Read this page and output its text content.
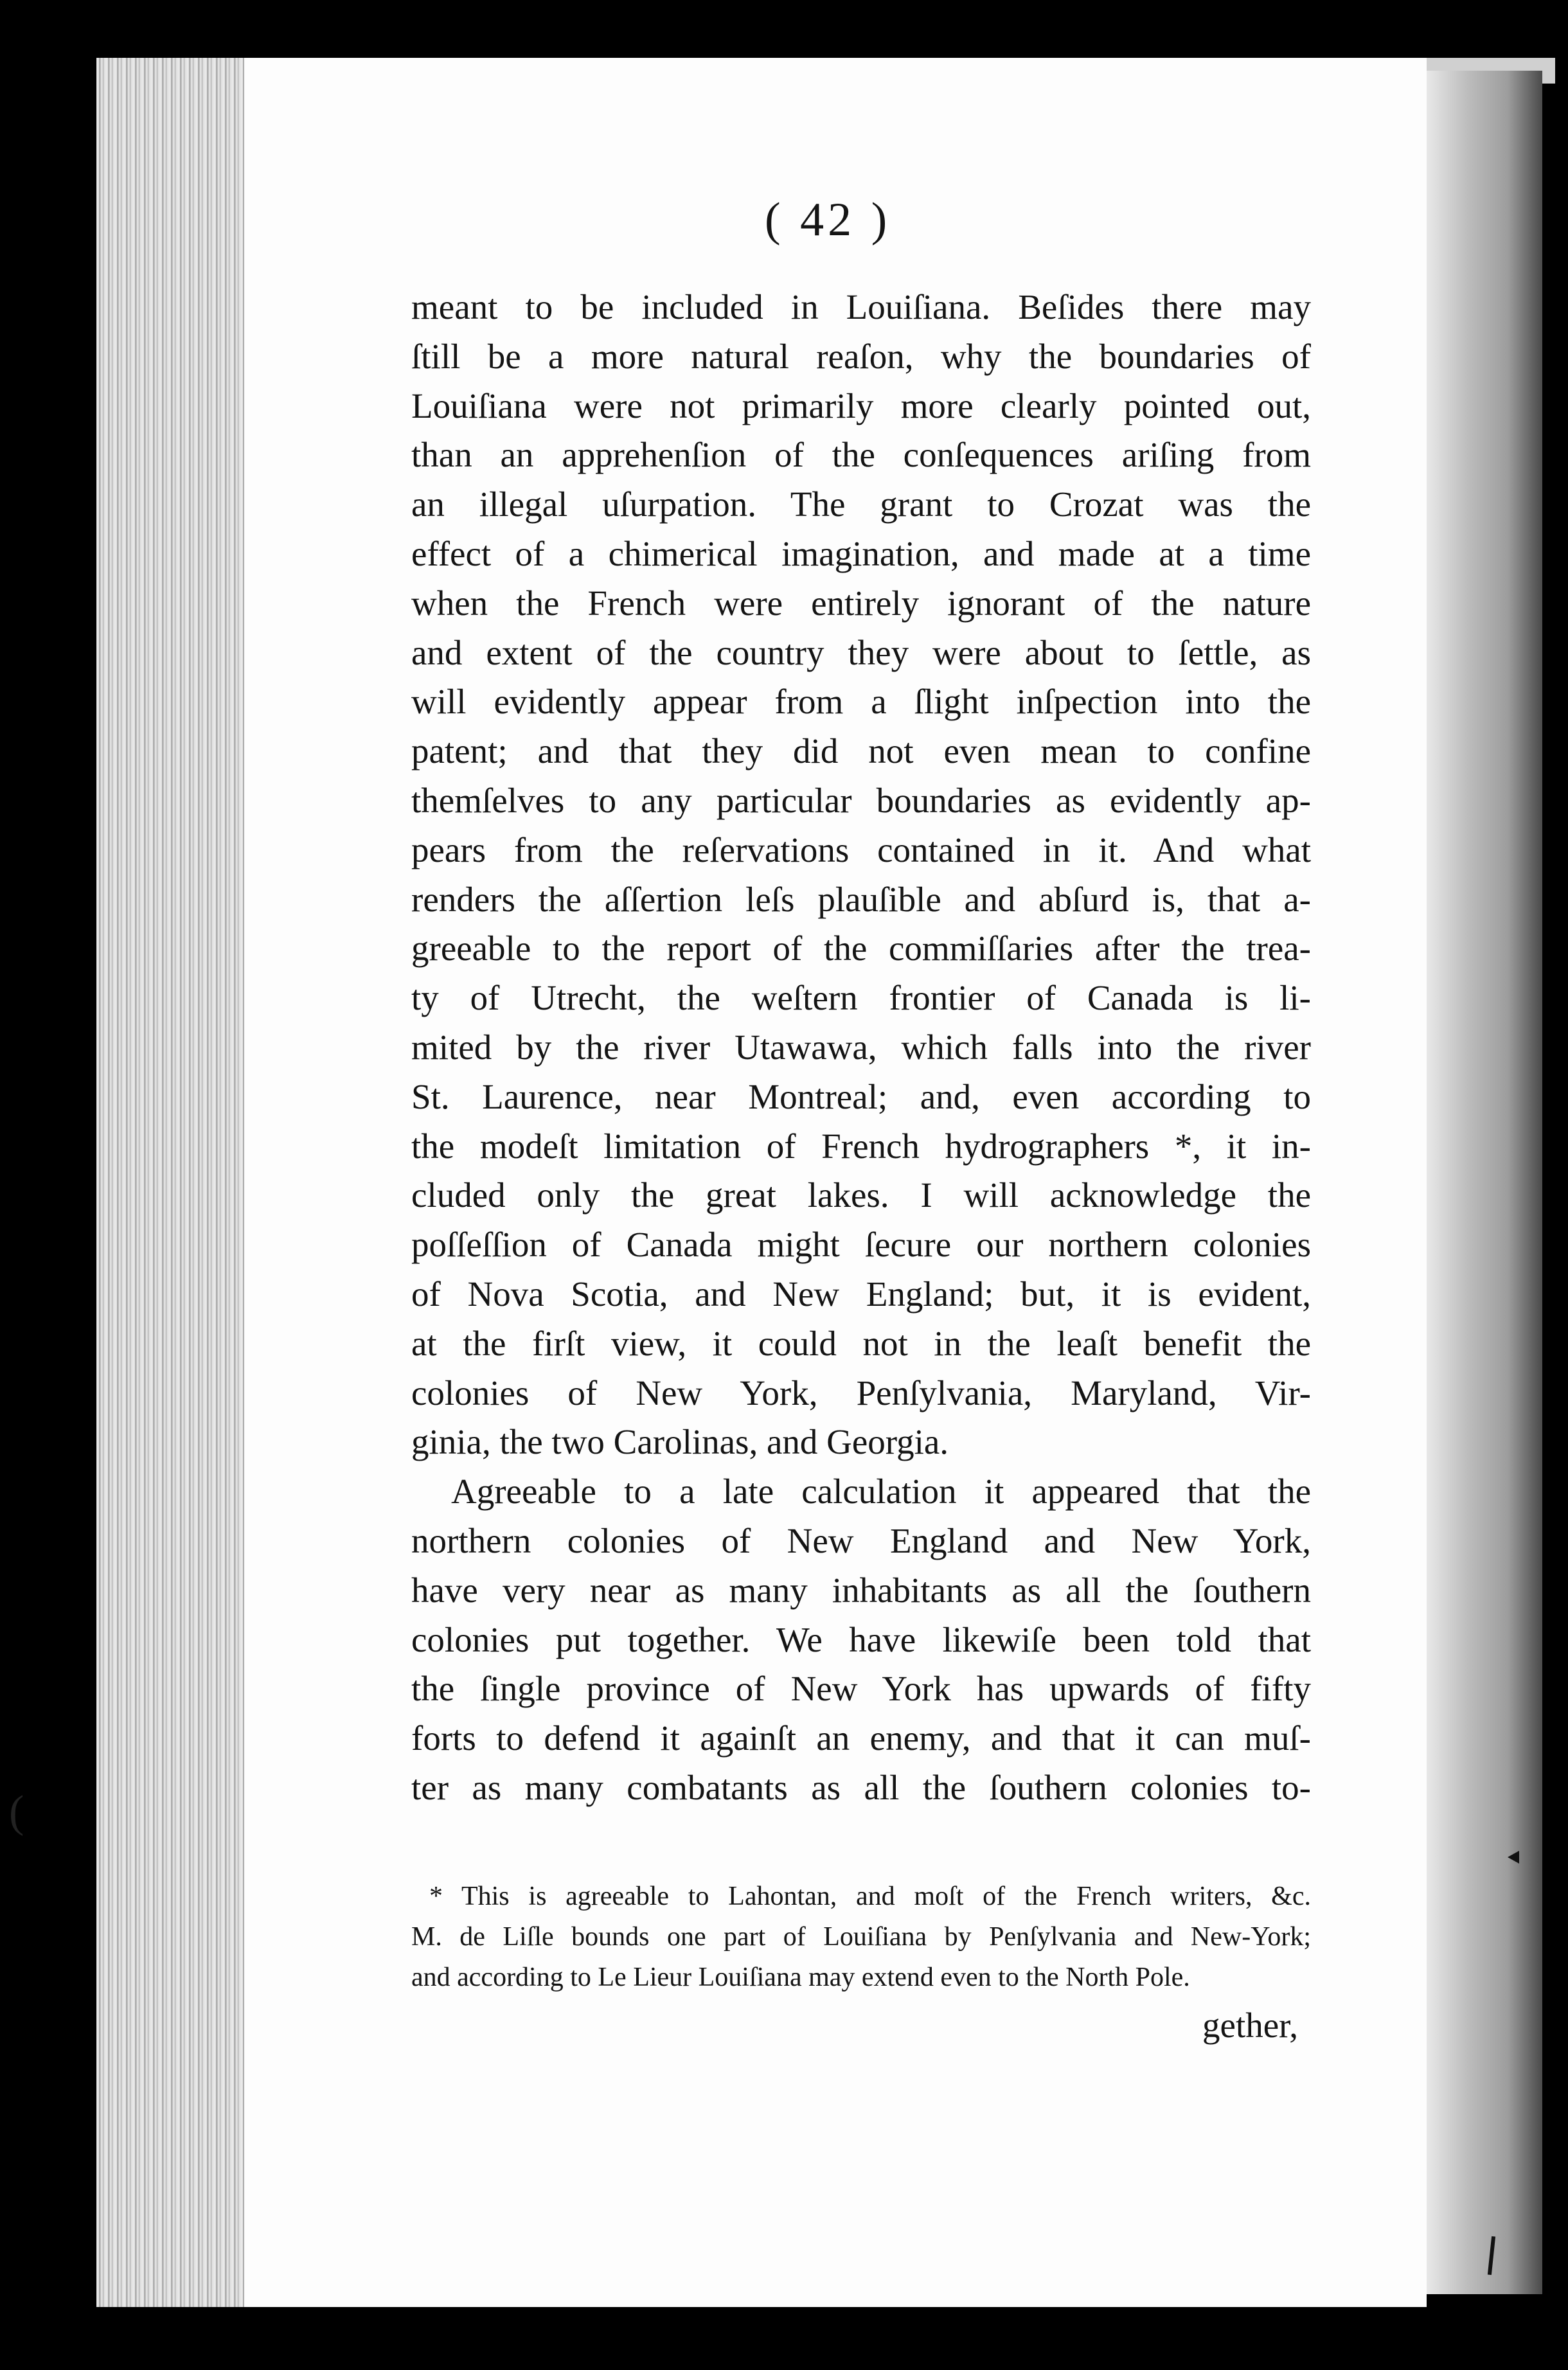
( 42 )
meant to be included in Louiſiana. Beſides there may
ſtill be a more natural reaſon, why the boundaries of
Louiſiana were not primarily more clearly pointed out,
than an apprehenſion of the conſequences ariſing from
an illegal uſurpation. The grant to Crozat was the
effect of a chimerical imagination, and made at a time
when the French were entirely ignorant of the nature
and extent of the country they were about to ſettle, as
will evidently appear from a ſlight inſpection into the
patent; and that they did not even mean to confine
themſelves to any particular boundaries as evidently ap-
pears from the reſervations contained in it. And what
renders the aſſertion leſs plauſible and abſurd is, that a-
greeable to the report of the commiſſaries after the trea-
ty of Utrecht, the weſtern frontier of Canada is li-
mited by the river Utawawa, which falls into the river
St. Laurence, near Montreal; and, even according to
the modeſt limitation of French hydrographers *, it in-
cluded only the great lakes. I will acknowledge the
poſſeſſion of Canada might ſecure our northern colonies
of Nova Scotia, and New England; but, it is evident,
at the firſt view, it could not in the leaſt benefit the
colonies of New York, Penſylvania, Maryland, Vir-
ginia, the two Carolinas, and Georgia.
Agreeable to a late calculation it appeared that the
northern colonies of New England and New York,
have very near as many inhabitants as all the ſouthern
colonies put together. We have likewiſe been told that
the ſingle province of New York has upwards of fifty
forts to defend it againſt an enemy, and that it can muſ-
ter as many combatants as all the ſouthern colonies to-
* This is agreeable to Lahontan, and moſt of the French writers, &c.
M. de Liſle bounds one part of Louiſiana by Penſylvania and New-York;
and according to Le Lieur Louiſiana may extend even to the North Pole.
gether,
(
